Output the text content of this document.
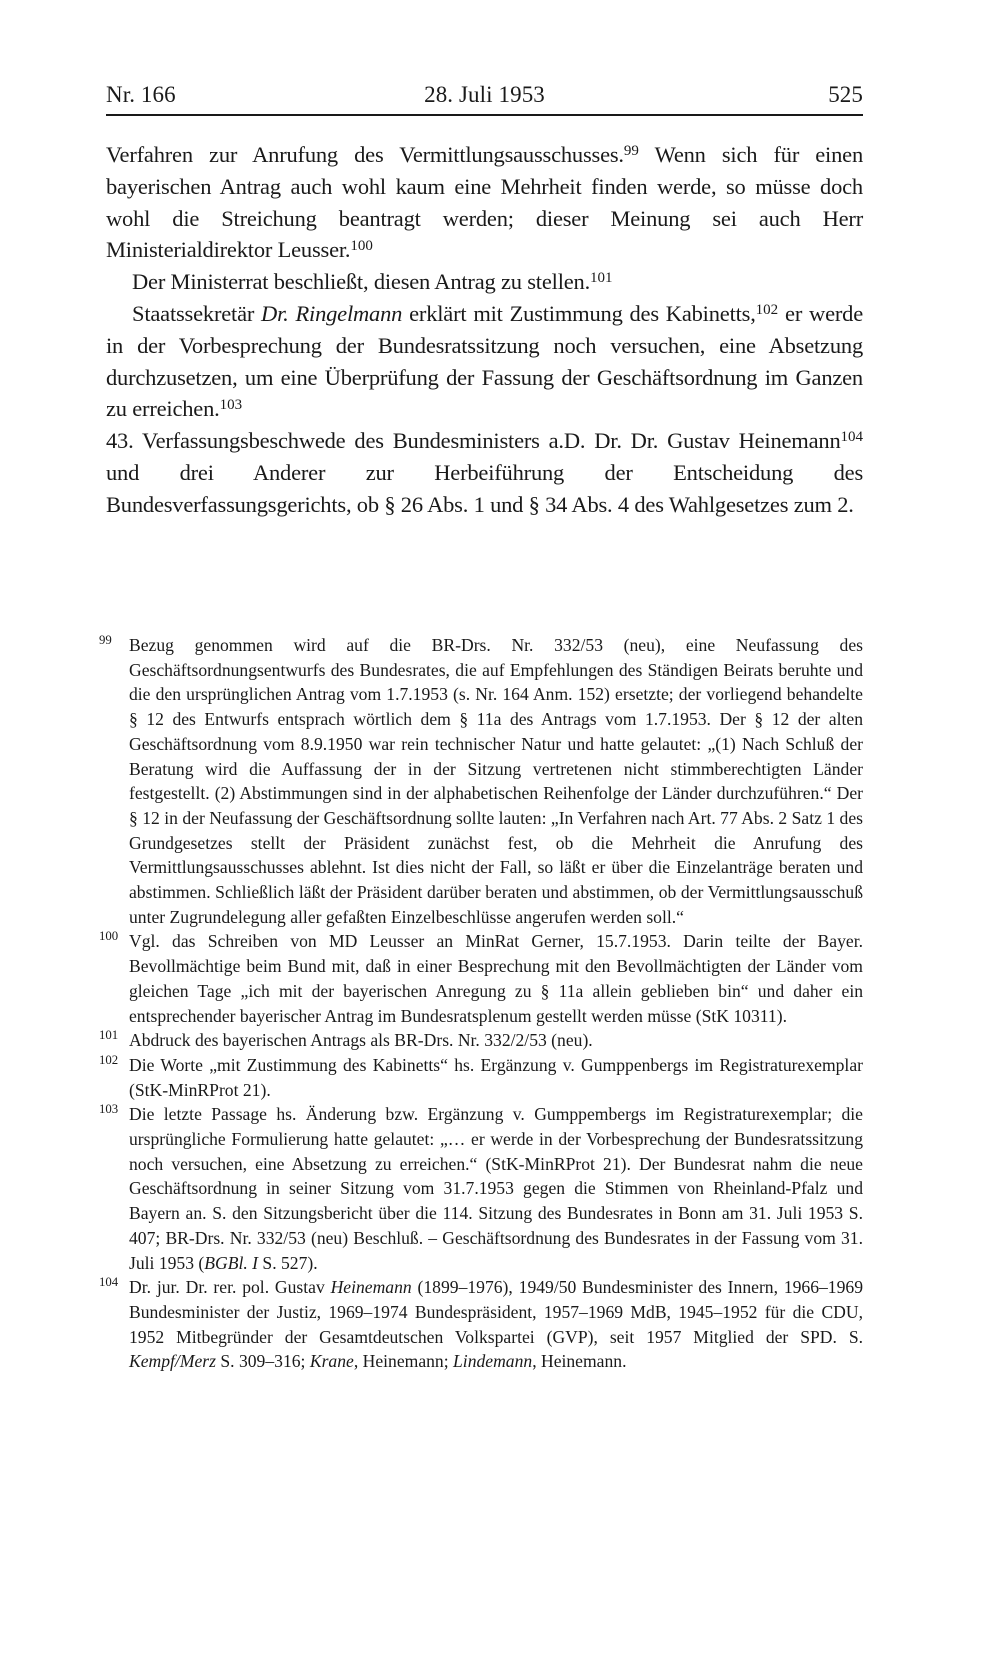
Nr. 166	28. Juli 1953	525

Verfahren zur Anrufung des Vermittlungsausschusses.$^{99}$ Wenn sich für einen bayerischen Antrag auch wohl kaum eine Mehrheit finden werde, so müsse doch wohl die Streichung beantragt werden; dieser Meinung sei auch Herr Ministerialdirektor Leusser.$^{100}$

Der Ministerrat beschließt, diesen Antrag zu stellen.$^{101}$

Staatssekretär Dr. Ringelmann erklärt mit Zustimmung des Kabinetts,$^{102}$ er werde in der Vorbesprechung der Bundesratssitzung noch versuchen, eine Absetzung durchzusetzen, um eine Überprüfung der Fassung der Geschäftsordnung im Ganzen zu erreichen.$^{103}$

43. Verfassungsbeschwede des Bundesministers a.D. Dr. Dr. Gustav Heinemann$^{104}$ und drei Anderer zur Herbeiführung der Entscheidung des Bundesverfassungsgerichts, ob § 26 Abs. 1 und § 34 Abs. 4 des Wahlgesetzes zum 2.

99 Bezug genommen wird auf die BR-Drs. Nr. 332/53 (neu), eine Neufassung des Geschäftsordnungsentwurfs des Bundesrates, die auf Empfehlungen des Ständigen Beirats beruhte und die den ursprünglichen Antrag vom 1.7.1953 (s. Nr. 164 Anm. 152) ersetzte; der vorliegend behandelte § 12 des Entwurfs entsprach wörtlich dem § 11a des Antrags vom 1.7.1953. Der § 12 der alten Geschäftsordnung vom 8.9.1950 war rein technischer Natur und hatte gelautet: „(1) Nach Schluß der Beratung wird die Auffassung der in der Sitzung vertretenen nicht stimmberechtigten Länder festgestellt. (2) Abstimmungen sind in der alphabetischen Reihenfolge der Länder durchzuführen.“ Der § 12 in der Neufassung der Geschäftsordnung sollte lauten: „In Verfahren nach Art. 77 Abs. 2 Satz 1 des Grundgesetzes stellt der Präsident zunächst fest, ob die Mehrheit die Anrufung des Vermittlungsausschusses ablehnt. Ist dies nicht der Fall, so läßt er über die Einzelanträge beraten und abstimmen. Schließlich läßt der Präsident darüber beraten und abstimmen, ob der Vermittlungsausschuß unter Zugrundelegung aller gefaßten Einzelbeschlüsse angerufen werden soll.“
100 Vgl. das Schreiben von MD Leusser an MinRat Gerner, 15.7.1953. Darin teilte der Bayer. Bevollmächtige beim Bund mit, daß in einer Besprechung mit den Bevollmächtigten der Länder vom gleichen Tage „ich mit der bayerischen Anregung zu § 11a allein geblieben bin“ und daher ein entsprechender bayerischer Antrag im Bundesratsplenum gestellt werden müsse (StK 10311).
101 Abdruck des bayerischen Antrags als BR-Drs. Nr. 332/2/53 (neu).
102 Die Worte „mit Zustimmung des Kabinetts“ hs. Ergänzung v. Gumppenbergs im Registraturexemplar (StK-MinRProt 21).
103 Die letzte Passage hs. Änderung bzw. Ergänzung v. Gumppembergs im Registraturexemplar; die ursprüngliche Formulierung hatte gelautet: „… er werde in der Vorbesprechung der Bundesratssitzung noch versuchen, eine Absetzung zu erreichen.“ (StK-MinRProt 21). Der Bundesrat nahm die neue Geschäftsordnung in seiner Sitzung vom 31.7.1953 gegen die Stimmen von Rheinland-Pfalz und Bayern an. S. den Sitzungsbericht über die 114. Sitzung des Bundesrates in Bonn am 31. Juli 1953 S. 407; BR-Drs. Nr. 332/53 (neu) Beschluß. – Geschäftsordnung des Bundesrates in der Fassung vom 31. Juli 1953 (BGBl. I S. 527).
104 Dr. jur. Dr. rer. pol. Gustav Heinemann (1899–1976), 1949/50 Bundesminister des Innern, 1966–1969 Bundesminister der Justiz, 1969–1974 Bundespräsident, 1957–1969 MdB, 1945–1952 für die CDU, 1952 Mitbegründer der Gesamtdeutschen Volkspartei (GVP), seit 1957 Mitglied der SPD. S. Kempf/Merz S. 309–316; Krane, Heinemann; Lindemann, Heinemann.
